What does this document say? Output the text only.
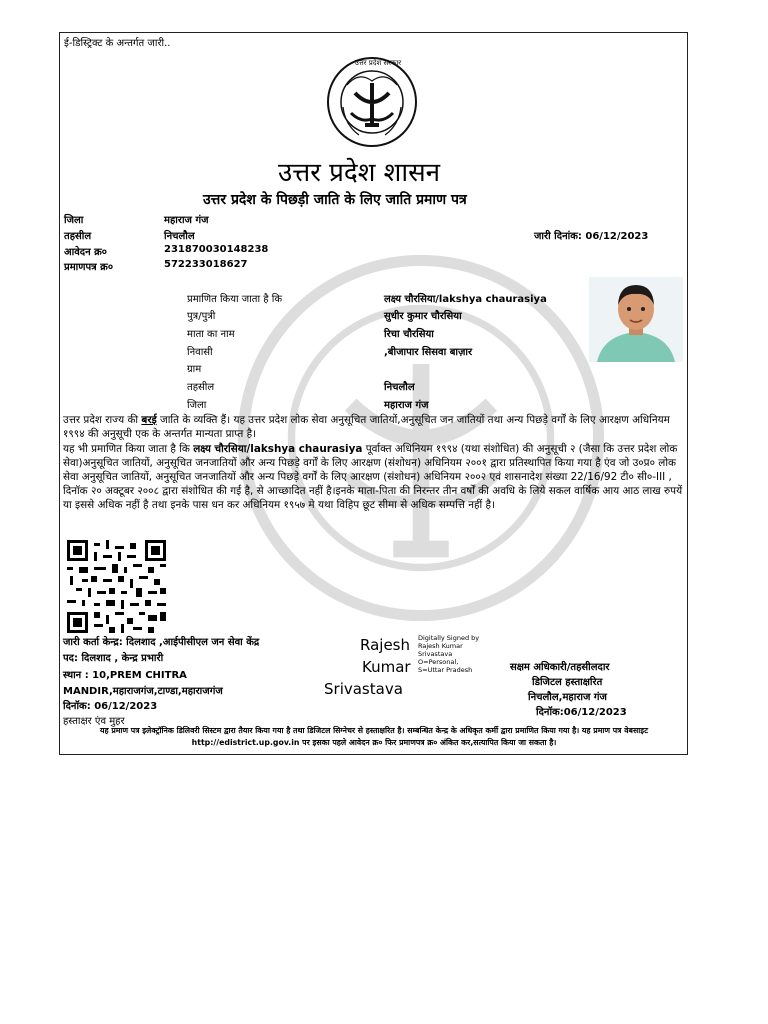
ई-डिस्ट्रिक्ट के अन्तर्गत जारी..
उत्तर प्रदेश सरकार
उत्तर प्रदेश शासन
उत्तर प्रदेश के पिछड़ी जाति के लिए जाति प्रमाण पत्र
जिला	महाराज गंज
तहसील	निचलौल
आवेदन क्र०	231870030148238
प्रमाणपत्र क्र०	572233018627
जारी दिनांक: 06/12/2023
प्रमाणित किया जाता है कि	लक्ष्य चौरसिया/lakshya chaurasiya
पुत्र/पुत्री	सुधीर कुमार चौरसिया
माता का नाम	रिचा चौरसिया
निवासी	,बीजापार सिसवा बाज़ार
ग्राम
तहसील	निचलौल
जिला	महाराज गंज
उत्तर प्रदेश राज्य की बरई जाति के व्यक्ति हैं। यह उत्तर प्रदेश लोक सेवा अनुसूचित जातियों,अनुसूचित जन जातियों तथा अन्य पिछड़े वर्गों के लिए आरक्षण अधिनियम १९९४ की अनुसूची एक के अन्तर्गत मान्यता प्राप्त है।
यह भी प्रमाणित किया जाता है कि लक्ष्य चौरसिया/lakshya chaurasiya पूर्वाक्त अधिनियम १९९४ (यथा संशोधित) की अनुसूची २ (जैसा कि उत्तर प्रदेश लोक सेवा)अनुसूचित जातियों, अनुसूचित जनजातियों और अन्य पिछड़े वर्गों के लिए आरक्षण (संशोधन) अधिनियम २००१ द्वारा प्रतिस्थापित किया गया है एंव जो उ०प्र० लोक सेवा अनुसूचित जातियों, अनुसूचित जनजातियों और अन्य पिछड़े वर्गों के लिए आरक्षण (संशोधन) अधिनियम २००२ एवं शासनादेश संख्या 22/16/92 टी० सी०-III , दिनॉक २० अक्टूबर २००८ द्वारा संशोधित की गई है, से आच्छादित नहीं है।इनके माता-पिता की निरन्तर तीन वर्षों की अवधि के लिये सकल वार्षिक आय आठ लाख रुपयें या इससे अधिक नहीं है तथा इनके पास धन कर अधिनियम १९५७ मे यथा विहिप छूट सीमा से अधिक सम्पत्ति नहीं है।
जारी कर्ता केन्द्र: दिलशाद ,आईपीसीएल जन सेवा केंद्र
पद: दिलशाद , केन्द्र प्रभारी
स्थान : 10,PREM CHITRA
MANDIR,महाराजगंज,टाण्डा,महाराजगंज
दिनॉक: 06/12/2023
हस्ताक्षर एंव मुहर
Rajesh
Kumar
Srivastava
Digitally Signed by
Rajesh Kumar
Srivastava
O=Personal,
S=Uttar Pradesh	सक्षम अधिकारी/तहसीलदार
डिजिटल हस्ताक्षरित
निचलौल,महाराज गंज
दिनॉक:06/12/2023
यह प्रमाण पत्र इलेक्ट्रॉनिक डिलिवरी सिस्टम द्वारा तैयार किया गया है तथा डिजिटल सिग्नेचर से हस्ताक्षरित है। सम्बन्धित केन्द्र के अधिकृत कर्मी द्वारा प्रमाणित किया गया है। यह प्रमाण पत्र वेबसाइट http://edistrict.up.gov.in पर इसका पहले आवेदन क्र० फिर प्रमाणपत्र क्र० अंकित कर,सत्यापित किया जा सकता है।
